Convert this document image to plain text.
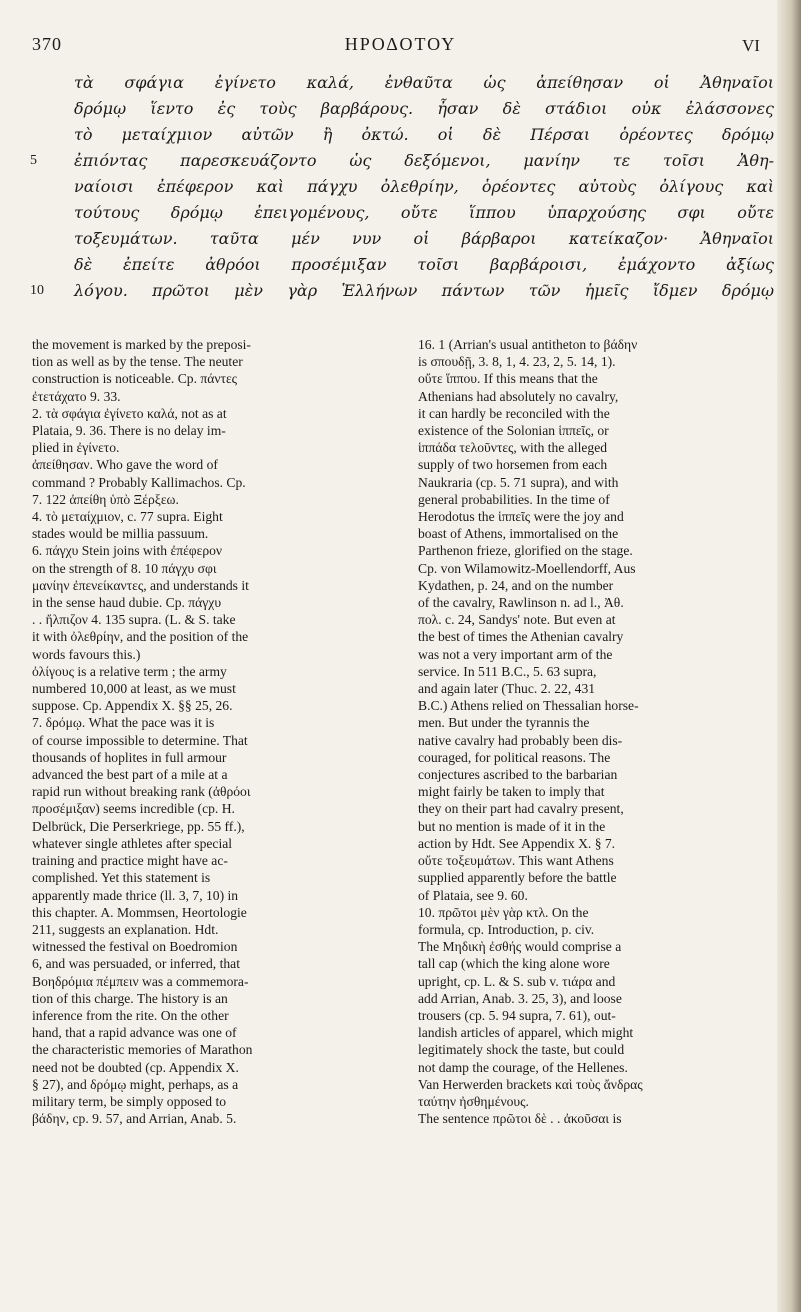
370	ΗΡΟΔΟΤΟΥ	VI
τὰ σφάγια ἐγίνετο καλά, ἐνθαῦτα ὡς ἀπείθησαν οἱ Ἀθηναῖοι
δρόμῳ ἵεντο ἐς τοὺς βαρβάρους. ἦσαν δὲ στάδιοι οὐκ ἐλάσσονες
τὸ μεταίχμιον αὐτῶν ἢ ὀκτώ. οἱ δὲ Πέρσαι ὁρέοντες δρόμῳ
5 ἐπιόντας παρεσκευάζοντο ὡς δεξόμενοι, μανίην τε τοῖσι Ἀθη-
ναίοισι ἐπέφερον καὶ πάγχυ ὀλεθρίην, ὁρέοντες αὐτοὺς ὀλίγους καὶ
τούτους δρόμῳ ἐπειγομένους, οὔτε ἵππου ὑπαρχούσης σφι οὔτε
τοξευμάτων. ταῦτα μέν νυν οἱ βάρβαροι κατείκαζον· Ἀθηναῖοι
δὲ ἐπείτε ἀθρόοι προσέμιξαν τοῖσι βαρβάροισι, ἐμάχοντο ἀξίως
10 λόγου. πρῶτοι μὲν γὰρ Ἑλλήνων πάντων τῶν ἡμεῖς ἴδμεν δρόμῳ

the movement is marked by the preposi-
tion as well as by the tense. The neuter
construction is noticeable. Cp. πάντες
ἐτετάχατο 9. 33.
2. τὰ σφάγια ἐγίνετο καλά, not as at
Plataia, 9. 36. There is no delay im-
plied in ἐγίνετο.
ἀπείθησαν. Who gave the word of
command ? Probably Kallimachos. Cp.
7. 122 ἀπείθη ὑπὸ Ξέρξεω.
4. τὸ μεταίχμιον, c. 77 supra. Eight
stades would be millia passuum.
6. πάγχυ Stein joins with ἐπέφερον
on the strength of 8. 10 πάγχυ σφι
μανίην ἐπενείκαντες, and understands it
in the sense haud dubie. Cp. πάγχυ
. . ἤλπιζον 4. 135 supra. (L. & S. take
it with ὀλεθρίην, and the position of the
words favours this.)
ὀλίγους is a relative term ; the army
numbered 10,000 at least, as we must
suppose. Cp. Appendix X. §§ 25, 26.
7. δρόμῳ. What the pace was it is
of course impossible to determine. That
thousands of hoplites in full armour
advanced the best part of a mile at a
rapid run without breaking rank (ἀθρόοι
προσέμιξαν) seems incredible (cp. H.
Delbrück, Die Perserkriege, pp. 55 ff.),
whatever single athletes after special
training and practice might have ac-
complished. Yet this statement is
apparently made thrice (ll. 3, 7, 10) in
this chapter. A. Mommsen, Heortologie
211, suggests an explanation. Hdt.
witnessed the festival on Boedromion
6, and was persuaded, or inferred, that
Βοηδρόμια πέμπειν was a commemora-
tion of this charge. The history is an
inference from the rite. On the other
hand, that a rapid advance was one of
the characteristic memories of Marathon
need not be doubted (cp. Appendix X.
§ 27), and δρόμῳ might, perhaps, as a
military term, be simply opposed to
βάδην, cp. 9. 57, and Arrian, Anab. 5.

16. 1 (Arrian's usual antitheton to βάδην
is σπουδῇ, 3. 8, 1, 4. 23, 2, 5. 14, 1).
οὔτε ἵππου. If this means that the
Athenians had absolutely no cavalry,
it can hardly be reconciled with the
existence of the Solonian ἱππεῖς, or
ἱππάδα τελοῦντες, with the alleged
supply of two horsemen from each
Naukraria (cp. 5. 71 supra), and with
general probabilities. In the time of
Herodotus the ἱππεῖς were the joy and
boast of Athens, immortalised on the
Parthenon frieze, glorified on the stage.
Cp. von Wilamowitz-Moellendorff, Aus
Kydathen, p. 24, and on the number
of the cavalry, Rawlinson n. ad l., Ἀθ.
πολ. c. 24, Sandys' note. But even at
the best of times the Athenian cavalry
was not a very important arm of the
service. In 511 B.C., 5. 63 supra,
and again later (Thuc. 2. 22, 431
B.C.) Athens relied on Thessalian horse-
men. But under the tyrannis the
native cavalry had probably been dis-
couraged, for political reasons. The
conjectures ascribed to the barbarian
might fairly be taken to imply that
they on their part had cavalry present,
but no mention is made of it in the
action by Hdt. See Appendix X. § 7.
οὔτε τοξευμάτων. This want Athens
supplied apparently before the battle
of Plataia, see 9. 60.
10. πρῶτοι μὲν γὰρ κτλ. On the
formula, cp. Introduction, p. civ.
The Μηδικὴ ἐσθής would comprise a
tall cap (which the king alone wore
upright, cp. L. & S. sub v. τιάρα and
add Arrian, Anab. 3. 25, 3), and loose
trousers (cp. 5. 94 supra, 7. 61), out-
landish articles of apparel, which might
legitimately shock the taste, but could
not damp the courage, of the Hellenes.
Van Herwerden brackets καὶ τοὺς ἄνδρας
ταύτην ἠσθημένους.
The sentence πρῶτοι δὲ . . ἀκοῦσαι is
